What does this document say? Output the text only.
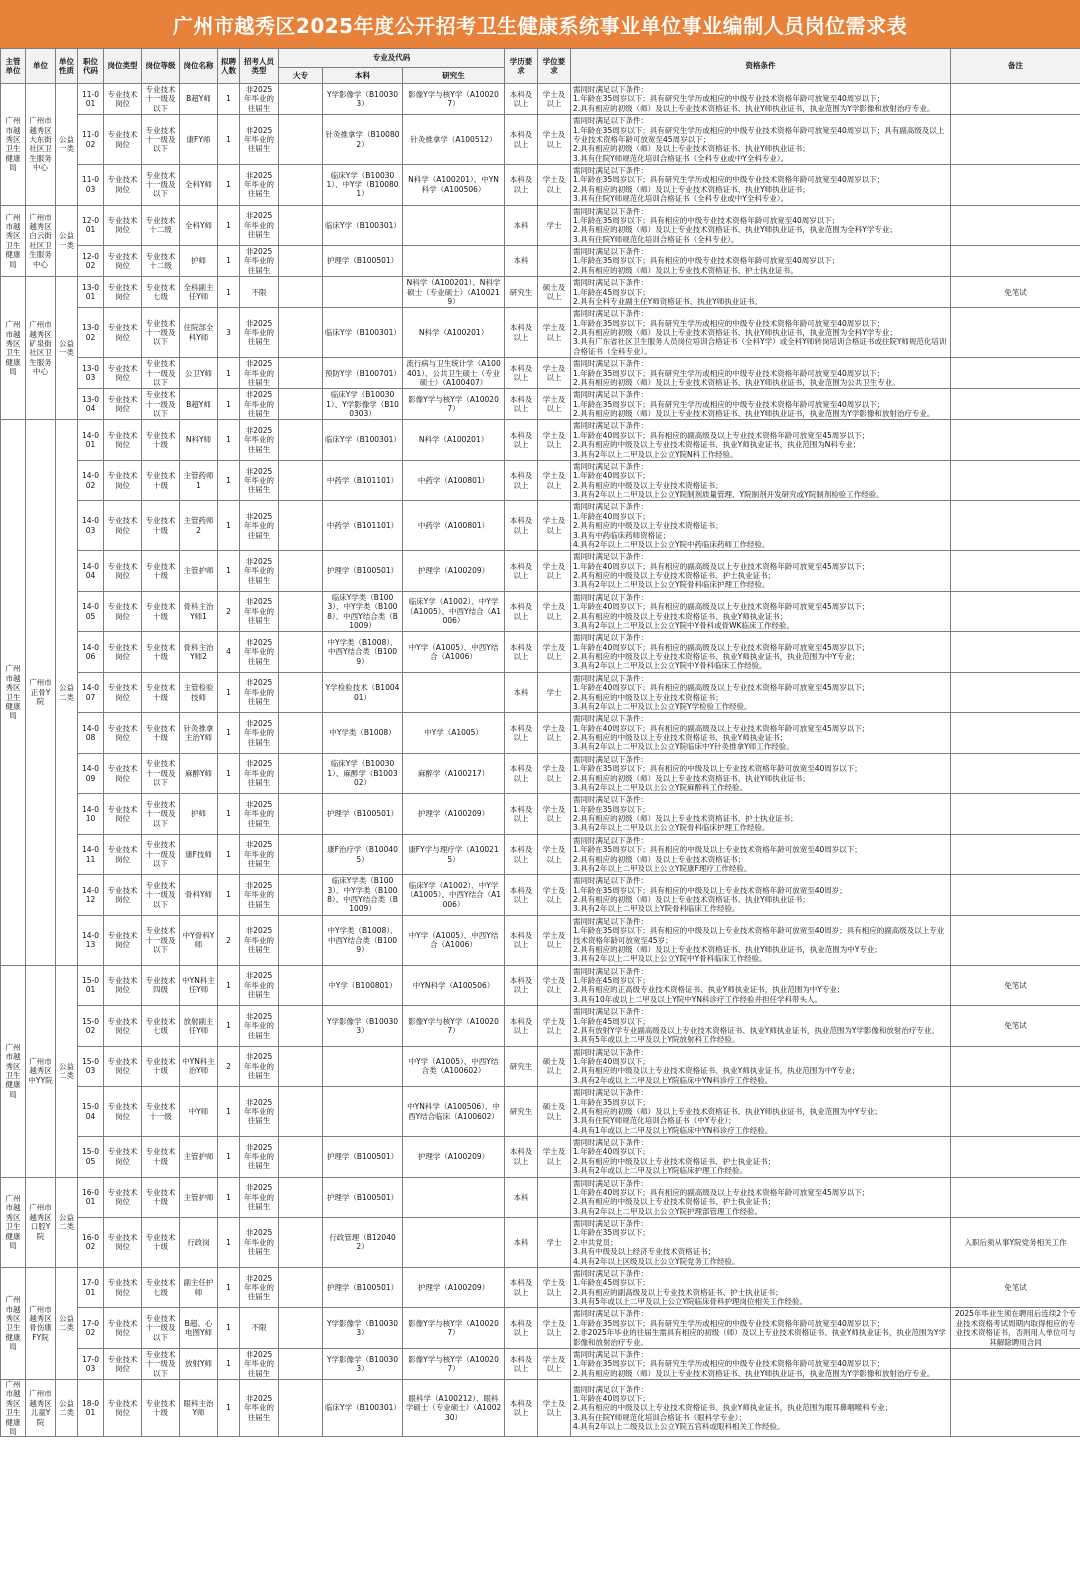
广州市越秀区2025年度公开招考卫生健康系统事业单位事业编制人员岗位需求表
主管单位	单位	单位性质	职位代码	岗位类型	岗位等级	岗位名称	拟聘人数	招考人员类型	专业及代码			学历要求	学位要求	资格条件	备注
									大专	本科	研究生				
广州市越秀区卫生健康局	广州市越秀区大东街社区卫生服务中心	公益一类	11-001	专业技术岗位	专业技术十一级及以下	B超Y师	1	非2025年毕业的往届生		Y学影像学（B100303）	影像Y学与核Y学（A100207）	本科及以上	学士及以上	需同时满足以下条件：
1.年龄在35周岁以下；具有研究生学历或相应的中级专业技术资格年龄可放宽至40周岁以下；
2.具有相应的初级（师）及以上专业技术资格证书、执业Y师执业证书，执业范围为Y学影像和放射治疗专业。	
			11-002	专业技术岗位	专业技术十一级及以下	康FY师	1	非2025年毕业的往届生		针灸推拿学（B100802）	针灸推拿学（A100512）	本科及以上	学士及以上	需同时满足以下条件：
1.年龄在35周岁以下；具有研究生学历或相应的中级专业技术资格年龄可放宽至40周岁以下；具有副高级及以上专业技术资格年龄可放宽至45周岁以下；
2.具有相应的初级（师）及以上专业技术资格证书、执业Y师执业证书；
3.具有住院Y师规范化培训合格证书（全科专业或中Y全科专业）。	
			11-003	专业技术岗位	专业技术十一级及以下	全科Y师	1	非2025年毕业的往届生		临床Y学（B100301）、中Y学（B100801）	N科学（A100201）、中YN科学（A100506）	本科及以上	学士及以上	需同时满足以下条件：
1.年龄在35周岁以下；具有研究生学历或相应的中级专业技术资格年龄可放宽至40周岁以下；
2.具有相应的初级（师）及以上专业技术资格证书、执业Y师执业证书；
3.具有住院Y师规范化培训合格证书（全科专业或中Y全科专业）。	
广州市越秀区卫生健康局	广州市越秀区白云街社区卫生服务中心	公益一类	12-001	专业技术岗位	专业技术十二级	全科Y师	1	非2025年毕业的往届生		临床Y学（B100301）		本科	学士	需同时满足以下条件：
1.年龄在35周岁以下；具有相应的中级专业技术资格年龄可放宽至40周岁以下；
2.具有相应的初级（师）及以上专业技术资格证书、执业Y师执业证书，执业范围为全科Y学专业；
3.具有住院Y师规范化培训合格证书（全科专业）。	
			12-002	专业技术岗位	专业技术十二级	护师	1	非2025年毕业的往届生		护理学（B100501）		本科		需同时满足以下条件：
1.年龄在35周岁以下；具有相应的中级专业技术资格年龄可放宽至40周岁以下；
2.具有相应的初级（师）及以上专业技术资格证书、护士执业证书。	
广州市越秀区卫生健康局	广州市越秀区矿泉街社区卫生服务中心	公益一类	13-001	专业技术岗位	专业技术七级	全科副主任Y师	1	不限			N科学（A100201）、N科学硕士（专业硕士）（A100219）	研究生	硕士及以上	需同时满足以下条件：
1.年龄在45周岁以下；
2.具有全科专业副主任Y师资格证书、执业Y师执业证书。	免笔试
			13-002	专业技术岗位	专业技术十一级及以下	住院部全科Y师	3	非2025年毕业的往届生		临床Y学（B100301）	N科学（A100201）	本科及以上	学士及以上	需同时满足以下条件：
1.年龄在35周岁以下；具有研究生学历或相应的中级专业技术资格年龄可放宽至40周岁以下；
2.具有相应的初级（师）及以上专业技术资格证书、执业Y师执业证书，执业范围为全科Y学专业；
3.具有广东省社区卫生服务人员岗位培训合格证书（全科Y学）或全科Y师转岗培训合格证书或住院Y师规范化培训合格证书（全科专业）。	
			13-003	专业技术岗位	专业技术十一级及以下	公卫Y师	1	非2025年毕业的往届生		预防Y学（B100701）	流行病与卫生统计学（A100401）、公共卫生硕士（专业硕士）（A100407）	本科及以上	学士及以上	需同时满足以下条件：
1.年龄在35周岁以下；具有研究生学历或相应的中级专业技术资格年龄可放宽至40周岁以下；
2.具有相应的初级（师）及以上专业技术资格证书、执业Y师执业证书，执业范围为公共卫生专业。	
			13-004	专业技术岗位	专业技术十一级及以下	B超Y师	1	非2025年毕业的往届生		临床Y学（B100301）、Y学影像学（B100303）	影像Y学与核Y学（A100207）	本科及以上	学士及以上	需同时满足以下条件：
1.年龄在35周岁以下；具有研究生学历或相应的中级专业技术资格年龄可放宽至40周岁以下；
2.具有相应的初级（师）及以上专业技术资格证书、执业Y师执业证书，执业范围为Y学影像和放射治疗专业。	
广州市越秀区卫生健康局	广州市正骨Y院	公益二类	14-001	专业技术岗位	专业技术十级	N科Y师	1	非2025年毕业的往届生		临床Y学（B100301）	N科学（A100201）	本科及以上	学士及以上	需同时满足以下条件：
1.年龄在40周岁以下；具有相应的副高级及以上专业技术资格年龄可放宽至45周岁以下；
2.具有相应的中级及以上专业技术资格证书、执业Y师执业证书，执业范围为N科专业；
3.具有2年以上二甲及以上公立Y院N科工作经验。	
			14-002	专业技术岗位	专业技术十级	主管药师1	1	非2025年毕业的往届生		中药学（B101101）	中药学（A100801）	本科及以上	学士及以上	需同时满足以下条件：
1.年龄在40周岁以下；
2.具有相应的中级及以上专业技术资格证书；
3.具有2年以上二甲及以上公立Y院制剂质量管理、Y院制剂开发研究或Y院制剂检验工作经验。	
			14-003	专业技术岗位	专业技术十级	主管药师2	1	非2025年毕业的往届生		中药学（B101101）	中药学（A100801）	本科及以上	学士及以上	需同时满足以下条件：
1.年龄在40周岁以下；
2.具有相应的中级及以上专业技术资格证书；
3.具有中药临床药师资格证；
4.具有2年以上二甲及以上公立Y院中药临床药师工作经验。	
			14-004	专业技术岗位	专业技术十级	主管护师	1	非2025年毕业的往届生		护理学（B100501）	护理学（A100209）	本科及以上	学士及以上	需同时满足以下条件：
1.年龄在40周岁以下；具有相应的副高级及以上专业技术资格年龄可放宽至45周岁以下；
2.具有相应的中级及以上专业技术资格证书、护士执业证书；
3.具有2年以上二甲及以上公立Y院骨科临床护理工作经验。	
			14-005	专业技术岗位	专业技术十级	骨科主治Y师1	2	非2025年毕业的往届生		临床Y学类（B1003）、中Y学类（B1008）、中西Y结合类（B1009）	临床Y学（A1002）、中Y学（A1005）、中西Y结合（A1006）	本科及以上	学士及以上	需同时满足以下条件：
1.年龄在40周岁以下；具有相应的副高级及以上专业技术资格年龄可放宽至45周岁以下；
2.具有相应的中级及以上专业技术资格证书、执业Y师执业证书；
3.具有2年以上二甲及以上公立Y院中Y骨科或骨WK临床工作经验。	
			14-006	专业技术岗位	专业技术十级	骨科主治Y师2	4	非2025年毕业的往届生		中Y学类（B1008）、中西Y结合类（B1009）	中Y学（A1005）、中西Y结合（A1006）	本科及以上	学士及以上	需同时满足以下条件：
1.年龄在40周岁以下；具有相应的副高级及以上专业技术资格年龄可放宽至45周岁以下；
2.具有相应的中级及以上专业技术资格证书、执业Y师执业证书，执业范围为中Y专业；
3.具有2年以上二甲及以上公立Y院中Y骨科临床工作经验。	
			14-007	专业技术岗位	专业技术十级	主管检验技师	1	非2025年毕业的往届生		Y学检验技术（B100401）		本科	学士	需同时满足以下条件：
1.年龄在40周岁以下；具有相应的副高级及以上专业技术资格年龄可放宽至45周岁以下；
2.具有相应的中级及以上专业技术资格证书；
3.具有2年以上二甲及以上公立Y院Y学检验工作经验。	
			14-008	专业技术岗位	专业技术十级	针灸推拿主治Y师	1	非2025年毕业的往届生		中Y学类（B1008）	中Y学（A1005）	本科及以上	学士及以上	需同时满足以下条件：
1.年龄在40周岁以下；具有相应的副高级及以上专业技术资格年龄可放宽至45周岁以下；
2.具有相应的中级及以上专业技术资格证书、执业Y师执业证书；
3.具有2年以上二甲及以上公立Y院临床中Y针灸推拿Y师工作经验。	
			14-009	专业技术岗位	专业技术十一级及以下	麻醉Y师	1	非2025年毕业的往届生		临床Y学（B100301）、麻醉学（B100302）	麻醉学（A100217）	本科及以上	学士及以上	需同时满足以下条件：
1.年龄在35周岁以下；具有相应的中级及以上专业技术资格年龄可放宽至40周岁以下；
2.具有相应的初级（师）及以上专业技术资格证书、执业Y师执业证书；
3.具有2年以上二甲及以上公立Y院麻醉科工作经验。	
			14-010	专业技术岗位	专业技术十一级及以下	护师	1	非2025年毕业的往届生		护理学（B100501）	护理学（A100209）	本科及以上	学士及以上	需同时满足以下条件：
1.年龄在35周岁以下；
2.具有相应的初级（师）及以上专业技术资格证书、护士执业证书；
3.具有2年以上二甲及以上公立Y院骨科临床护理工作经验。	
			14-011	专业技术岗位	专业技术十一级及以下	康F技师	1	非2025年毕业的往届生		康F治疗学（B100405）	康FY学与理疗学（A100215）	本科及以上	学士及以上	需同时满足以下条件：
1.年龄在35周岁以下；具有相应的中级及以上专业技术资格年龄可放宽至40周岁以下；
2.具有相应的初级（师）及以上专业技术资格证书；
3.具有2年以上二甲及以上公立Y院康F理疗工作经验。	
			14-012	专业技术岗位	专业技术十一级及以下	骨科Y师	1	非2025年毕业的往届生		临床Y学类（B1003）、中Y学类（B1008）、中西Y结合类（B1009）	临床Y学（A1002）、中Y学（A1005）、中西Y结合（A1006）	本科及以上	学士及以上	需同时满足以下条件：
1.年龄在35周岁以下；具有相应的中级及以上专业技术资格年龄可放宽至40周岁；
2.具有相应的初级（师）及以上专业技术资格证书、执业Y师执业证书；
3.具有2年以上二甲及以上Y院骨科临床工作经验。	
			14-013	专业技术岗位	专业技术十一级及以下	中Y骨科Y师	2	非2025年毕业的往届生		中Y学类（B1008）、中西Y结合类（B1009）	中Y学（A1005）、中西Y结合（A1006）	本科及以上	学士及以上	需同时满足以下条件：
1.年龄在35周岁以下；具有相应的中级及以上专业技术资格年龄可放宽至40周岁；具有相应的副高级及以上专业技术资格年龄可放宽至45岁；
2.具有相应的初级（师）及以上专业技术资格证书、执业Y师执业证书，执业范围为中Y专业；
3.具有2年以上二甲及以上公立Y院中Y骨科临床工作经验。	
广州市越秀区卫生健康局	广州市越秀区中YY院	公益二类	15-001	专业技术岗位	专业技术四级	中YN科主任Y师	1	非2025年毕业的往届生		中Y学（B100801）	中YN科学（A100506）	本科及以上	学士及以上	需同时满足以下条件：
1.年龄在45周岁以下；
2.具有相应的正高级专业技术资格证书、执业Y师执业证书，执业范围为中Y专业；
3.具有10年或以上二甲及以上Y院中YN科诊疗工作经验并担任学科带头人。	免笔试
			15-002	专业技术岗位	专业技术七级	放射副主任Y师	1	非2025年毕业的往届生		Y学影像学（B100303）	影像Y学与核Y学（A100207）	本科及以上	学士及以上	需同时满足以下条件：
1.年龄在45周岁以下；
2.具有放射Y学专业副高级及以上专业技术资格证书、执业Y师执业证书，执业范围为Y学影像和放射治疗专业。
3.具有5年或以上二甲及以上Y院放射科工作经验。	免笔试
			15-003	专业技术岗位	专业技术十级	中YN科主治Y师	2	非2025年毕业的往届生			中Y学（A1005）、中西Y结合类（A100602）	研究生	硕士及以上	需同时满足以下条件：
1.年龄在40周岁以下；
2.具有相应的中级及以上专业技术资格证书、执业Y师执业证书，执业范围为中Y专业；
3.具有2年或以上二甲及以上Y院临床中YN科诊疗工作经验。	
			15-004	专业技术岗位	专业技术十一级	中Y师	1	非2025年毕业的往届生			中YN科学（A100506）、中西Y结合临床（A100602）	研究生	硕士及以上	需同时满足以下条件：
1.年龄在35周岁以下；
2.具有相应的初级（师）及以上专业技术资格证书、执业Y师执业证书，执业范围为中Y专业；
3.具有住院Y师规范化培训合格证书（中Y专业）；
4.具有1年或以上二甲及以上Y院临床中YN科诊疗工作经验。	
			15-005	专业技术岗位	专业技术十级	主管护师	1	非2025年毕业的往届生		护理学（B100501）	护理学（A100209）	本科及以上	学士及以上	需同时满足以下条件：
1.年龄在40周岁以下；
2.具有相应的中级及以上专业技术资格证书、护士执业证书；
3.具有2年或以上二甲及以上Y院临床护理工作经验。	
广州市越秀区卫生健康局	广州市越秀区口腔Y院	公益二类	16-001	专业技术岗位	专业技术十级	主管护师	1	非2025年毕业的往届生		护理学（B100501）		本科		需同时满足以下条件：
1.年龄在40周岁以下；具有相应的副高级及以上专业技术资格年龄可放宽至45周岁以下；
2.具有相应的中级及以上专业技术资格证书、护士执业证书；
3.具有2年以上二甲及以上公立Y院护理部管理工作经验。	
			16-002	专业技术岗位	专业技术十级	行政岗	1	非2025年毕业的往届生		行政管理（B120402）		本科	学士	需同时满足以下条件：
1.年龄在35周岁以下；
2.中共党员；
3.具有中级及以上经济专业技术资格证书；
4.具有2年以上区级及以上公立Y院党务工作经验。	入职后须从事Y院党务相关工作
广州市越秀区卫生健康局	广州市越秀区骨伤康FY院	公益二类	17-001	专业技术岗位	专业技术七级	副主任护师	1	非2025年毕业的往届生		护理学（B100501）	护理学（A100209）	本科及以上	学士及以上	需同时满足以下条件：
1.年龄在45周岁以下；
2.具有相应的副高级及以上专业技术资格证书、护士执业证书；
3.具有5年或以上二甲及以上公立Y院临床骨科护理岗位相关工作经验。	免笔试
			17-002	专业技术岗位	专业技术十一级及以下	B超、心电图Y师	1	不限		Y学影像学（B100303）	影像Y学与核Y学（A100207）	本科及以上	学士及以上	需同时满足以下条件：
1.年龄在35周岁以下；具有研究生学历或相应的中级专业技术资格年龄可放宽至40周岁以下；
2.非2025年毕业的往届生需具有相应的初级（师）及以上专业技术资格证书、执业Y师执业证书，执业范围为Y学影像和放射治疗专业。	2025年毕业生须在聘用后连续2个专业技术资格考试周期内取得相应的专业技术资格证书，否则用人单位可与其解除聘用合同
			17-003	专业技术岗位	专业技术十一级及以下	放射Y师	1	非2025年毕业的往届生		Y学影像学（B100303）	影像Y学与核Y学（A100207）	本科及以上	学士及以上	需同时满足以下条件：
1.年龄在35周岁以下；具有研究生学历或相应的中级专业技术资格年龄可放宽至40周岁以下；
2.具有相应的初级（师）及以上专业技术资格证书、执业Y师执业证书，执业范围为Y学影像和放射治疗专业。	
广州市越秀区卫生健康局	广州市越秀区儿童Y院	公益二类	18-001	专业技术岗位	专业技术十级	眼科主治Y师	1	非2025年毕业的往届生		临床Y学（B100301）	眼科学（A100212）、眼科学硕士（专业硕士）（A100230）	本科及以上	学士及以上	需同时满足以下条件：
1.年龄在40周岁以下；
2.具有相应的中级及以上专业技术资格证书、执业Y师执业证书，执业范围为眼耳鼻咽喉科专业；
3.具有住院Y师规范化培训合格证书（眼科学专业）；
4.具有2年以上二级及以上公立Y院五官科或眼科相关工作经验。	
